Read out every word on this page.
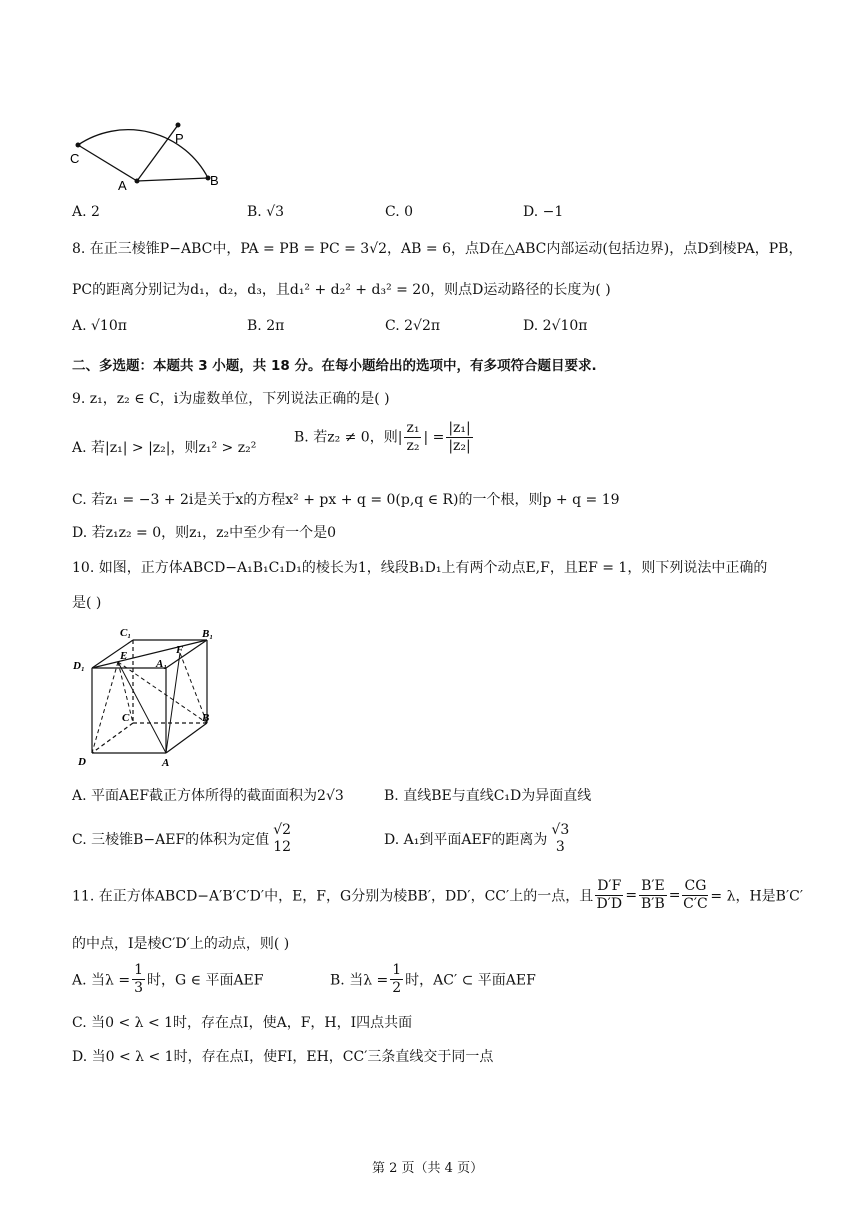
C
P
A	B
A. 2	B. √3	C. 0	D. −1
8. 在正三棱锥P−ABC中，PA = PB = PC = 3√2，AB = 6，点D在△ABC内部运动(包括边界)，点D到棱PA，PB，
PC的距离分别记为d₁，d₂，d₃，且d₁² + d₂² + d₃² = 20，则点D运动路径的长度为( )
A. √10π	B. 2π	C. 2√2π	D. 2√10π
二、多选题：本题共 3 小题，共 18 分。在每小题给出的选项中，有多项符合题目要求.
9. z₁，z₂ ∈ C，i为虚数单位，下列说法正确的是( )
A. 若|z₁| > |z₂|，则z₁² > z₂²
B. 若z₂ ≠ 0，则| $\frac{\text{z₁}}{\text{z₂}}$ | = $\frac{\text{|z₁|}}{\text{|z₂|}}$
C. 若z₁ = −3 + 2i是关于x的方程x² + px + q = 0(p,q ∈ R)的一个根，则p + q = 19
D. 若z₁z₂ = 0，则z₁，z₂中至少有一个是0
10. 如图，正方体ABCD−A₁B₁C₁D₁的棱长为1，线段B₁D₁上有两个动点E,F，且EF = 1，则下列说法中正确的
是( )
C₁	B₁
D₁
E	F
A₁
C	B
D	A
A. 平面AEF截正方体所得的截面面积为2√3	B. 直线BE与直线C₁D为异面直线
C. 三棱锥B−AEF的体积为定值
√2
12	D. A₁到平面AEF的距离为
√3
3
11. 在正方体ABCD−A′B′C′D′中，E，F，G分别为棱BB′，DD′，CC′上的一点，且 $\frac{D'F}{D'D} = \frac{B'E}{B'B} = \frac{CG}{C'C} = \lambda$，H是B′C′
的中点，I是棱C′D′上的动点，则( )
A. 当$\lambda = \frac{1}{3}$ 时，G ∈ 平面AEF	B. 当$\lambda = \frac{1}{2}$ 时，AC′ ⊂ 平面AEF
C. 当0 < λ < 1时，存在点I，使A，F，H，I四点共面
D. 当0 < λ < 1时，存在点I，使FI，EH，CC′三条直线交于同一点
第 2 页（共 4 页）
